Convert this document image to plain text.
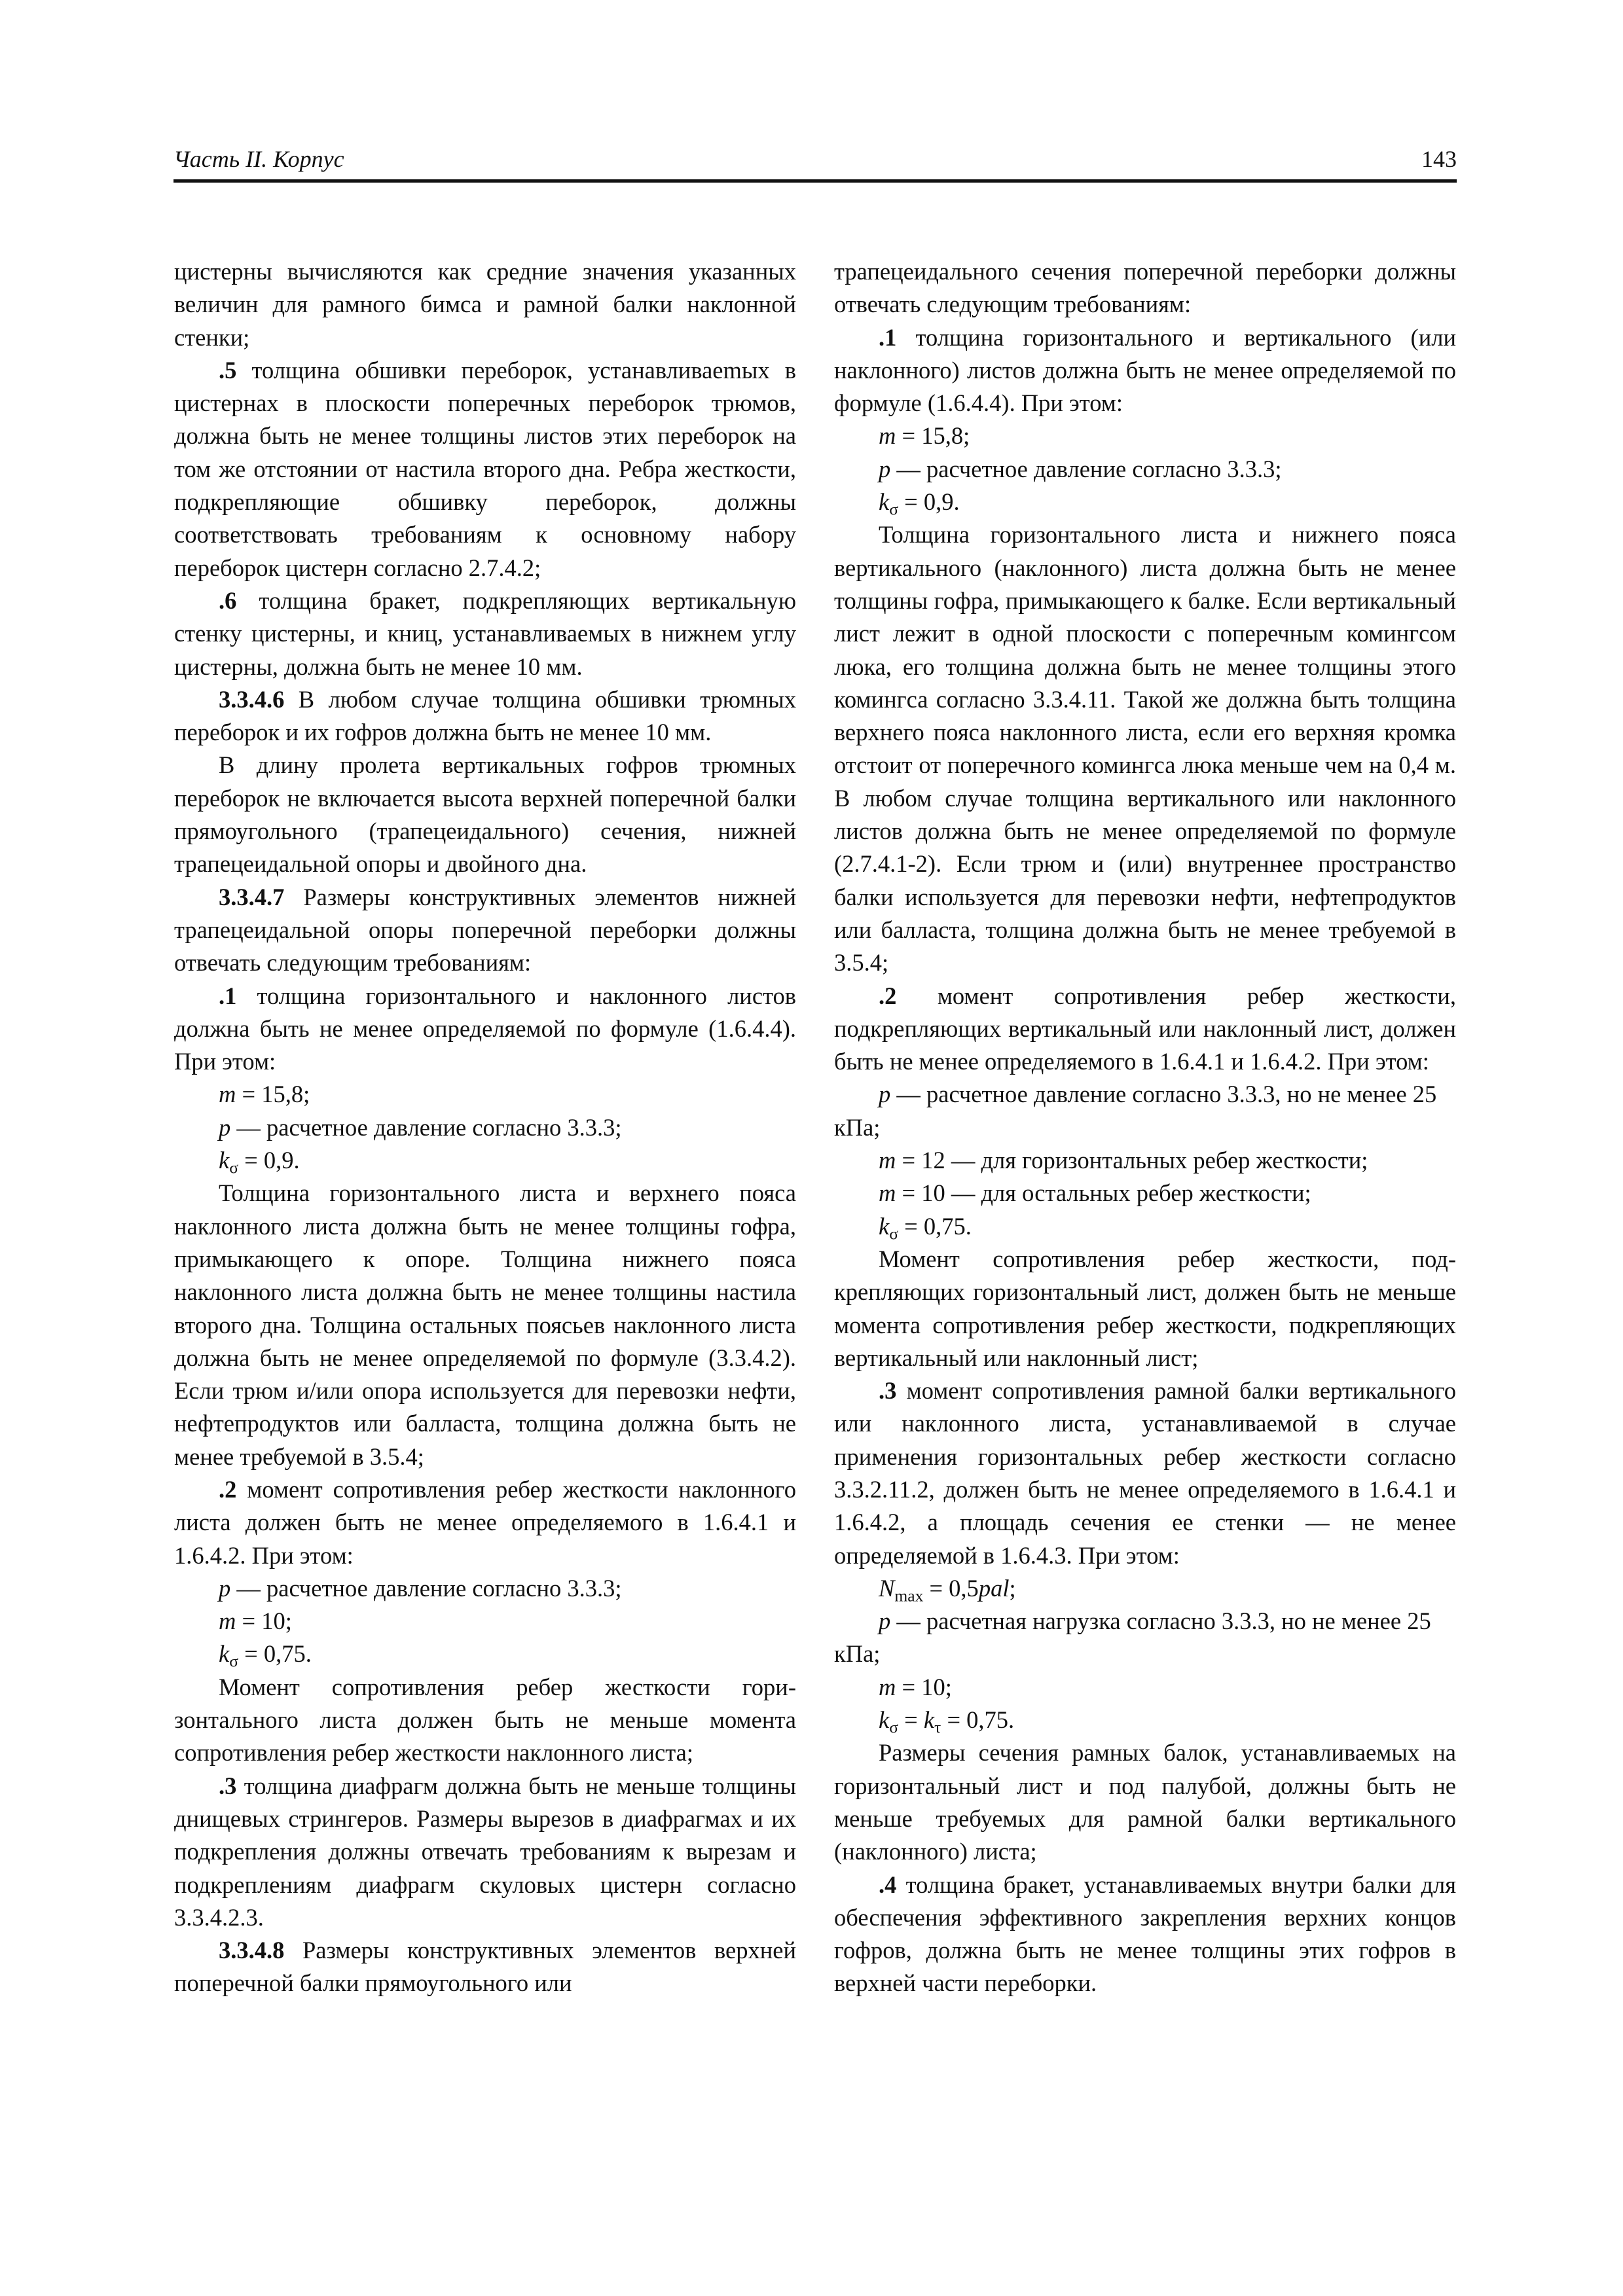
Часть II. Корпус	143

цистерны вычисляются как средние значения указанных величин для рамного бимса и рамной балки наклонной стенки;

.5 толщина обшивки переборок, устанавливаеmых в цистернах в плоскости поперечных переборок трюмов, должна быть не менее толщины листов этих переборок на том же отстоянии от настила второго дна. Ребра жесткости, подкрепляющие обшивку переборок, должны соответствовать требованиям к основному набору переборок цистерн согласно 2.7.4.2;

.6 толщина бракет, подкрепляющих вертикальную стенку цистерны, и книц, устанавливаемых в нижнем углу цистерны, должна быть не менее 10 мм.

3.3.4.6 В любом случае толщина обшивки трюмных переборок и их гофров должна быть не менее 10 мм.

В длину пролета вертикальных гофров трюмных переборок не включается высота верхней поперечной балки прямоугольного (трапецеидального) сечения, нижней трапецеидальной опоры и двойного дна.

3.3.4.7 Размеры конструктивных элементов нижней трапецеидальной опоры поперечной переборки должны отвечать следующим требованиям:

.1 толщина горизонтального и наклонного листов должна быть не менее определяемой по формуле (1.6.4.4). При этом:

m = 15,8;

p — расчетное давление согласно 3.3.3;

$k_\sigma = 0,9$.

Толщина горизонтального листа и верхнего пояса наклонного листа должна быть не менее толщины гофра, примыкающего к опоре. Толщина нижнего пояса наклонного листа должна быть не менее толщины настила второго дна. Толщина остальных поясьев наклонного листа должна быть не менее определяемой по формуле (3.3.4.2). Если трюм и/или опора используется для перевозки нефти, нефтепродуктов или балласта, толщина должна быть не менее требуемой в 3.5.4;

.2 момент сопротивления ребер жесткости наклонного листа должен быть не менее определяемого в 1.6.4.1 и 1.6.4.2. При этом:

p — расчетное давление согласно 3.3.3;

m = 10;

$k_\sigma = 0,75$.

Момент сопротивления ребер жесткости горизонтального листа должен быть не меньше момента сопротивления ребер жесткости наклонного листа;

.3 толщина диафрагм должна быть не меньше толщины днищевых стрингеров. Размеры вырезов в диафрагмах и их подкрепления должны отвечать требованиям к вырезам и подкреплениям диафрагм скуловых цистерн согласно 3.3.4.2.3.

3.3.4.8 Размеры конструктивных элементов верхней поперечной балки прямоугольного или

трапецеидального сечения поперечной переборки должны отвечать следующим требованиям:

.1 толщина горизонтального и вертикального (или наклонного) листов должна быть не менее определяемой по формуле (1.6.4.4). При этом:

m = 15,8;

p — расчетное давление согласно 3.3.3;

$k_\sigma = 0,9$.

Толщина горизонтального листа и нижнего пояса вертикального (наклонного) листа должна быть не менее толщины гофра, примыкающего к балке. Если вертикальный лист лежит в одной плоскости с поперечным комингсом люка, его толщина должна быть не менее толщины этого комингса согласно 3.3.4.11. Такой же должна быть толщина верхнего пояса наклонного листа, если его верхняя кромка отстоит от поперечного комингса люка меньше чем на 0,4 м. В любом случае толщина вертикального или наклонного листов должна быть не менее определяемой по формуле (2.7.4.1-2). Если трюм и (или) внутреннее пространство балки используется для перевозки нефти, нефтепродуктов или балласта, толщина должна быть не менее требуемой в 3.5.4;

.2 момент сопротивления ребер жесткости, подкрепляющих вертикальный или наклонный лист, должен быть не менее определяемого в 1.6.4.1 и 1.6.4.2. При этом:

p — расчетное давление согласно 3.3.3, но не менее 25 кПа;

m = 12 — для горизонтальных ребер жесткости;

m = 10 — для остальных ребер жесткости;

$k_\sigma = 0,75$.

Момент сопротивления ребер жесткости, подкрепляющих горизонтальный лист, должен быть не меньше момента сопротивления ребер жесткости, подкрепляющих вертикальный или наклонный лист;

.3 момент сопротивления рамной балки вертикального или наклонного листа, устанавливаемой в случае применения горизонтальных ребер жесткости согласно 3.3.2.11.2, должен быть не менее определяемого в 1.6.4.1 и 1.6.4.2, а площадь сечения ее стенки — не менее определяемой в 1.6.4.3. При этом:

$N_{max} = 0,5pal$;

p — расчетная нагрузка согласно 3.3.3, но не менее 25 кПа;

m = 10;

$k_\sigma = k_\tau = 0,75$.

Размеры сечения рамных балок, устанавливаемых на горизонтальный лист и под палубой, должны быть не меньше требуемых для рамной балки вертикального (наклонного) листа;

.4 толщина бракет, устанавливаемых внутри балки для обеспечения эффективного закрепления верхних концов гофров, должна быть не менее толщины этих гофров в верхней части переборки.
